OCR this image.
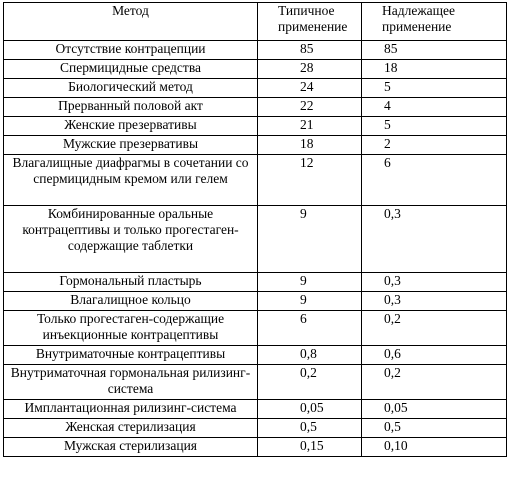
Метод	Типичное применение	Надлежащее применение
Отсутствие контрацепции	85	85
Спермицидные средства	28	18
Биологический метод	24	5
Прерванный половой акт	22	4
Женские презервативы	21	5
Мужские презервативы	18	2
Влагалищные диафрагмы в сочетании со спермицидным кремом или гелем	12	6
Комбинированные оральные контрацептивы и только прогестаген-содержащие таблетки	9	0,3
Гормональный пластырь	9	0,3
Влагалищное кольцо	9	0,3
Только прогестаген-содержащие инъекционные контрацептивы	6	0,2
Внутриматочные контрацептивы	0,8	0,6
Внутриматочная гормональная рилизинг-система	0,2	0,2
Имплантационная рилизинг-система	0,05	0,05
Женская стерилизация	0,5	0,5
Мужская стерилизация	0,15	0,10
